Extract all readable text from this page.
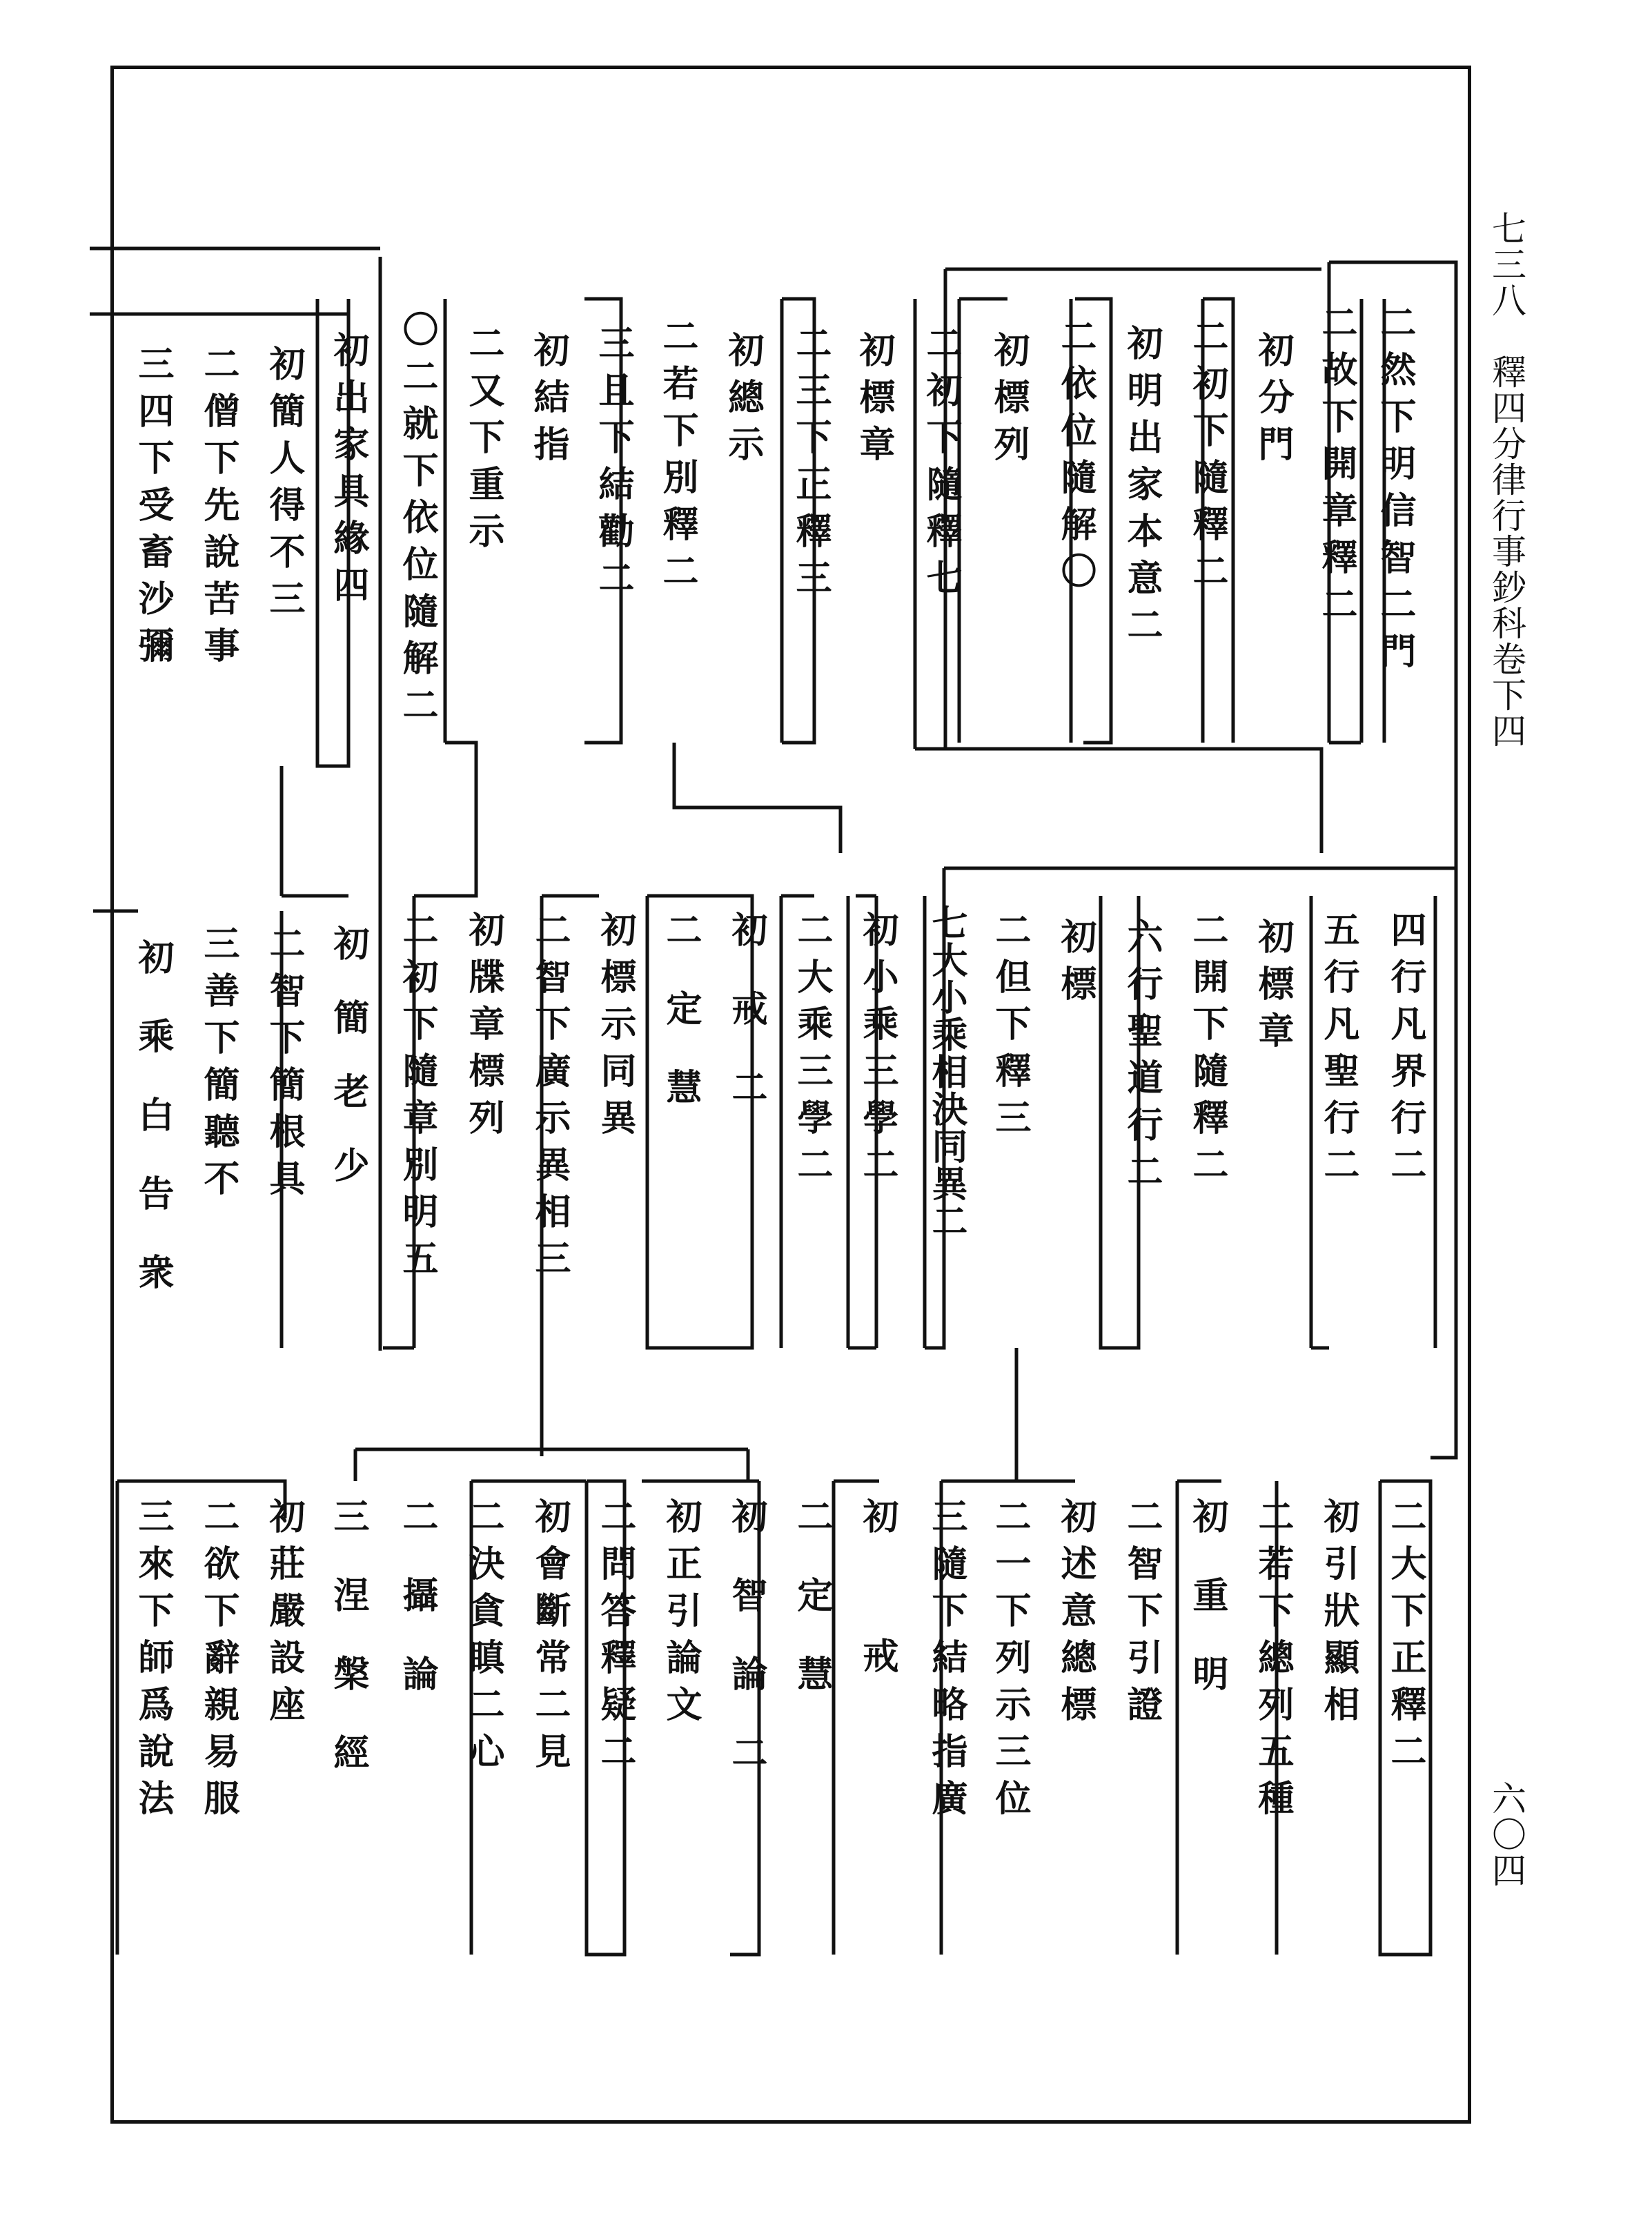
七三八　釋四分律行事鈔科卷下四
六〇四
二然下明信智二門
二故下開章釋二
初分門
二初下隨釋二
初明出家本意二
二依位隨解〇
初標列
二初下隨釋七
初標章
二三下正釋三
初總示
二若下別釋二
三且下結勸二
初結指
二又下重示
〇二就下依位隨解二
初出家具緣四
初簡人得不三
二僧下先說苦事
三四下受畜沙彌
四行凡界行二
五行凡聖行二
初標章
二開下隨釋二
六行聖道行二
初標
二但下釋三
七大小乘相決同異二
初小乘三學二
二大乘三學二
初戒二
二定慧
初標示同異
二智下廣示異相三
初牒章標列
二初下隨章別明五
初簡老少
二智下簡根具
三善下簡聽不
初乘白告衆
二大下正釋二
初引狀顯相
二若下總列五種
初重明
二智下引證
初述意總標
二一下列示三位
三隨下結略指廣
初戒
二定慧
初智論二
初正引論文
二問答釋疑二
初會斷常二見
二決貪瞋二心
二攝論
三涅槃經
初莊嚴設座
二欲下辭親易服
三來下師爲說法
